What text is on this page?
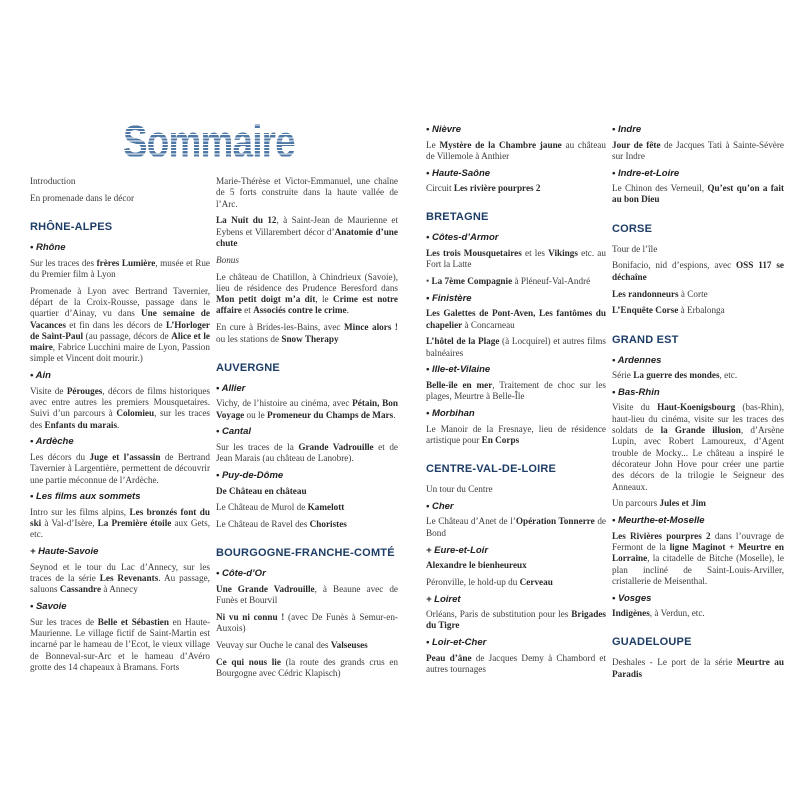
Sommaire
Introduction
En promenade dans le décor
RHÔNE-ALPES
• Rhône
Sur les traces des frères Lumière, musée et Rue du Premier film à Lyon
Promenade à Lyon avec Bertrand Tavernier, départ de la Croix-Rousse, passage dans le quartier d’Ainay, vu dans Une semaine de Vacances et fin dans les décors de L’Horloger de Saint-Paul (au passage, décors de Alice et le maire, Fabrice Lucchini maire de Lyon, Passion simple et Vincent doit mourir.)
• Ain
Visite de Pérouges, décors de films historiques avec entre autres les premiers Mousquetaires. Suivi d’un parcours à Colomieu, sur les traces des Enfants du marais.
• Ardèche
Les décors du Juge et l’assassin de Bertrand Tavernier à Largentière, permettent de découvrir une partie méconnue de l’Ardèche.
• Les films aux sommets
Intro sur les films alpins, Les bronzés font du ski à Val-d’Isère, La Première étoile aux Gets, etc.
+ Haute-Savoie
Seynod et le tour du Lac d’Annecy, sur les traces de la série Les Revenants. Au passage, saluons Cassandre à Annecy
• Savoie
Sur les traces de Belle et Sébastien en Haute-Maurienne. Le village fictif de Saint-Martin est incarné par le hameau de l’Ecot, le vieux village de Bonneval-sur-Arc et le hameau d’Avéro grotte des 14 chapeaux à Bramans. Forts
Marie-Thérèse et Victor-Emmanuel, une chaîne de 5 forts construite dans la haute vallée de l’Arc.
La Nuit du 12, à Saint-Jean de Maurienne et Eybens et Villarembert décor d’Anatomie d’une chute
Bonus
Le château de Chatillon, à Chindrieux (Savoie), lieu de résidence des Prudence Beresford dans Mon petit doigt m’a dit, le Crime est notre affaire et Associés contre le crime.
En cure à Brides-les-Bains, avec Mince alors ! ou les stations de Snow Therapy
AUVERGNE
• Allier
Vichy, de l’histoire au cinéma, avec Pétain, Bon Voyage ou le Promeneur du Champs de Mars.
• Cantal
Sur les traces de la Grande Vadrouille et de Jean Marais (au château de Lanobre).
• Puy-de-Dôme
De Château en château
Le Château de Murol de Kamelott
Le Château de Ravel des Choristes
BOURGOGNE-FRANCHE-COMTÉ
• Côte-d’Or
Une Grande Vadrouille, à Beaune avec de Funès et Bourvil
Ni vu ni connu ! (avec De Funès à Semur-en-Auxois)
Veuvay sur Ouche le canal des Valseuses
Ce qui nous lie (la route des grands crus en Bourgogne avec Cédric Klapisch)
• Nièvre
Le Mystère de la Chambre jaune au château de Villemole à Anthier
• Haute-Saône
Circuit Les rivière pourpres 2
BRETAGNE
• Côtes-d’Armor
Les trois Mousquetaires et les Vikings etc. au Fort la Latte
• La 7ème Compagnie à Pléneuf-Val-André
• Finistère
Les Galettes de Pont-Aven, Les fantômes du chapelier à Concarneau
L’hôtel de la Plage (à Locquirel) et autres films balnéaires
• Ille-et-Vilaine
Belle-île en mer, Traitement de choc sur les plages, Meurtre à Belle-Île
• Morbihan
Le Manoir de la Fresnaye, lieu de résidence artistique pour En Corps
CENTRE-VAL-DE-LOIRE
Un tour du Centre
• Cher
Le Château d’Anet de l’Opération Tonnerre de Bond
+ Eure-et-Loir
Alexandre le bienheureux
Péronville, le hold-up du Cerveau
+ Loiret
Orléans, Paris de substitution pour les Brigades du Tigre
• Loir-et-Cher
Peau d’âne de Jacques Demy à Chambord et autres tournages
• Indre
Jour de fête de Jacques Tati à Sainte-Sévère sur Indre
• Indre-et-Loire
Le Chinon des Verneuil, Qu’est qu’on a fait au bon Dieu
CORSE
Tour de l’île
Bonifacio, nid d’espions, avec OSS 117 se déchaîne
Les randonneurs à Corte
L’Enquête Corse à Erbalonga
GRAND EST
• Ardennes
Série La guerre des mondes, etc.
• Bas-Rhin
Visite du Haut-Koenigsbourg (bas-Rhin), haut-lieu du cinéma, visite sur les traces des soldats de la Grande illusion, d’Arsène Lupin, avec Robert Lamoureux, d’Agent trouble de Mocky... Le château a inspiré le décorateur John Hove pour créer une partie des décors de la trilogie le Seigneur des Anneaux.
Un parcours Jules et Jim
• Meurthe-et-Moselle
Les Rivières pourpres 2 dans l’ouvrage de Fermont de la ligne Maginot + Meurtre en Lorraine, la citadelle de Bitche (Moselle), le plan incliné de Saint-Louis-Arviller, cristallerie de Meisenthal.
• Vosges
Indigènes, à Verdun, etc.
GUADELOUPE
Deshales - Le port de la série Meurtre au Paradis
